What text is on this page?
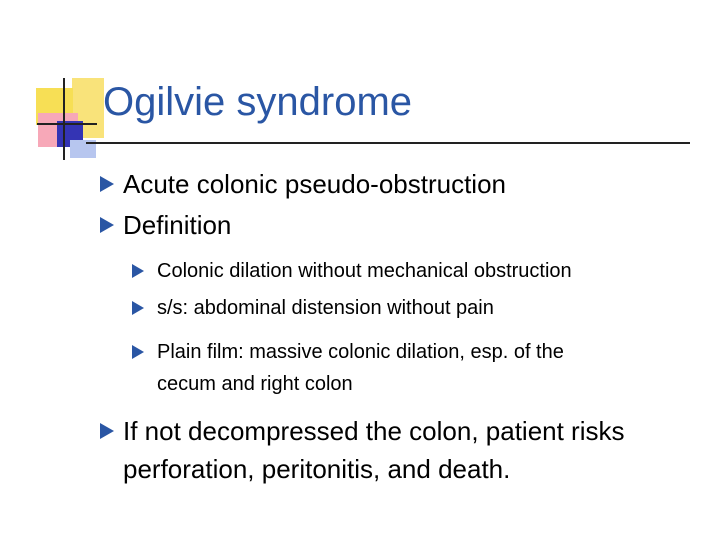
Ogilvie syndrome
Acute colonic pseudo-obstruction
Definition
Colonic dilation without mechanical obstruction
s/s: abdominal distension without pain
Plain film: massive colonic dilation, esp. of the
cecum and right colon
If not decompressed the colon, patient risks
perforation, peritonitis, and death.
